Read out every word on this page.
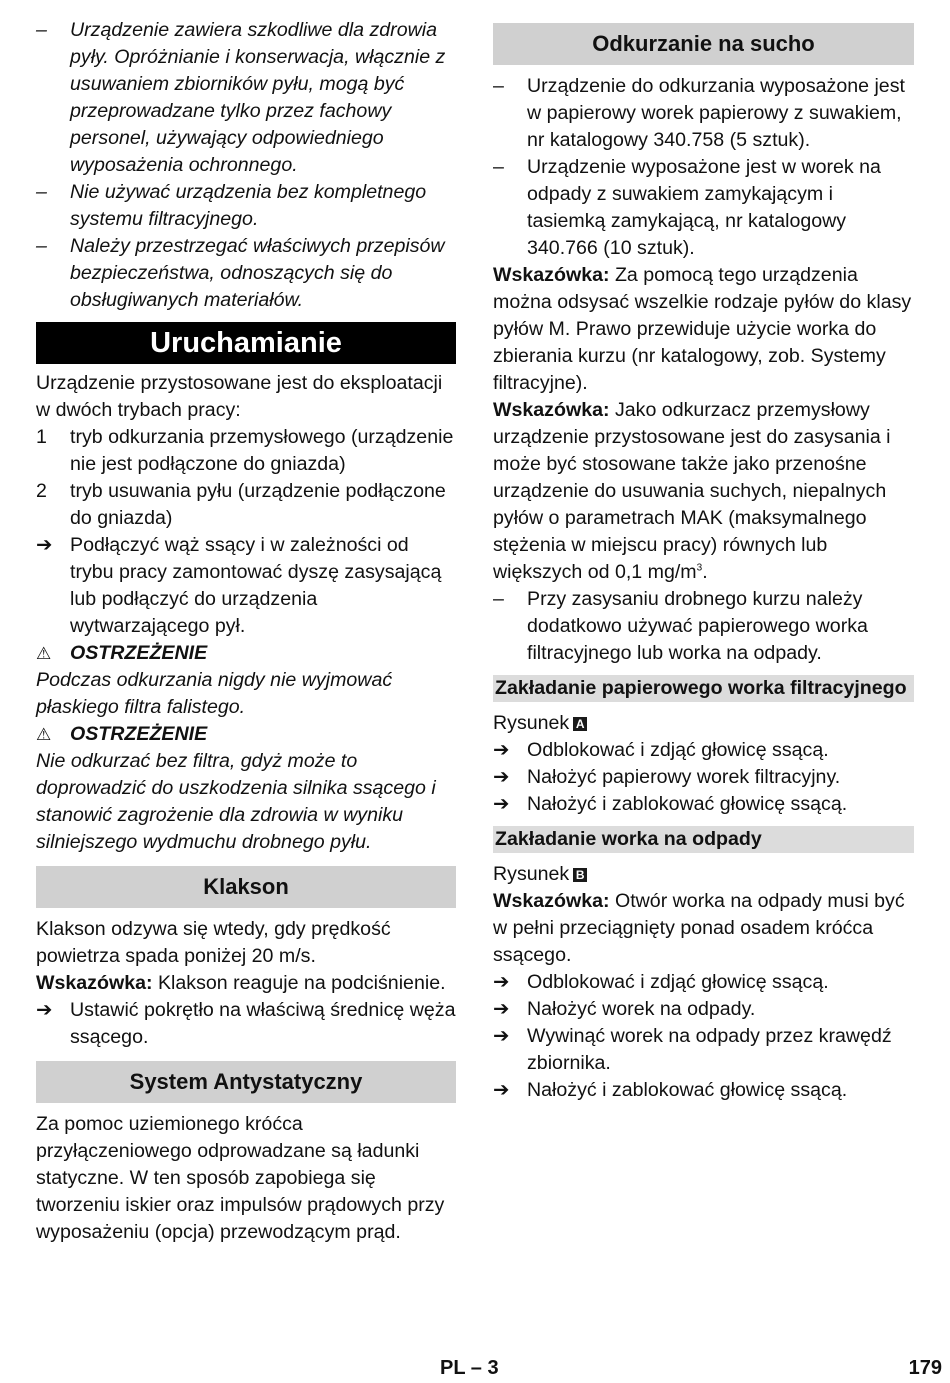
–	Urządzenie zawiera szkodliwe dla zdrowia pyły. Opróżnianie i konserwacja, włącznie z usuwaniem zbiorników pyłu, mogą być przeprowadzane tylko przez fachowy personel, używający odpowiedniego wyposażenia ochronnego.
–	Nie używać urządzenia bez kompletnego systemu filtracyjnego.
–	Należy przestrzegać właściwych przepisów bezpieczeństwa, odnoszących się do obsługiwanych materiałów.
Uruchamianie

Urządzenie przystosowane jest do eksploatacji w dwóch trybach pracy:

1	tryb odkurzania przemysłowego (urządzenie nie jest podłączone do gniazda)
2	tryb usuwania pyłu (urządzenie podłączone do gniazda)
➔ Podłączyć wąż ssący i w zależności od trybu pracy zamontować dyszę zasysającą lub podłączyć do urządzenia wytwarzającego pył.
⚠ OSTRZEŻENIE

Podczas odkurzania nigdy nie wyjmować płaskiego filtra falistego.

⚠ OSTRZEŻENIE

Nie odkurzać bez filtra, gdyż może to doprowadzić do uszkodzenia silnika ssącego i stanowić zagrożenie dla zdrowia w wyniku silniejszego wydmuchu drobnego pyłu.

Klakson

Klakson odzywa się wtedy, gdy prędkość powietrza spada poniżej 20 m/s.

Wskazówka: Klakson reaguje na podciśnienie.

➔ Ustawić pokrętło na właściwą średnicę węża ssącego.
System Antystatyczny

Za pomoc uziemionego króćca przyłączeniowego odprowadzane są ładunki statyczne. W ten sposób zapobiega się tworzeniu iskier oraz impulsów prądowych przy wyposażeniu (opcja) przewodzącym prąd.

Odkurzanie na sucho
–	Urządzenie do odkurzania wyposażone jest w papierowy worek papierowy z suwakiem, nr katalogowy 340.758 (5 sztuk).
–	Urządzenie wyposażone jest w worek na odpady z suwakiem zamykającym i tasiemką zamykającą, nr katalogowy 340.766 (10 sztuk).

Wskazówka: Za pomocą tego urządzenia można odsysać wszelkie rodzaje pyłów do klasy pyłów M. Prawo przewiduje użycie worka do zbierania kurzu (nr katalogowy, zob. Systemy filtracyjne).

Wskazówka: Jako odkurzacz przemysłowy urządzenie przystosowane jest do zasysania i może być stosowane także jako przenośne urządzenie do usuwania suchych, niepalnych pyłów o parametrach MAK (maksymalnego stężenia w miejscu pracy) równych lub większych od 0,1 $mg/m^3$.

–	Przy zasysaniu drobnego kurzu należy dodatkowo używać papierowego worka filtracyjnego lub worka na odpady.
Zakładanie papierowego worka filtracyjnego

Rysunek A

➔ Odblokować i zdjąć głowicę ssącą.
➔ Nałożyć papierowy worek filtracyjny.
➔ Nałożyć i zablokować głowicę ssącą.
Zakładanie worka na odpady

Rysunek B

Wskazówka: Otwór worka na odpady musi być w pełni przeciągnięty ponad osadem króćca ssącego.

➔ Odblokować i zdjąć głowicę ssącą.
➔ Nałożyć worek na odpady.
➔ Wywinąć worek na odpady przez krawędź zbiornika.
➔ Nałożyć i zablokować głowicę ssącą.
PL – 3	179
